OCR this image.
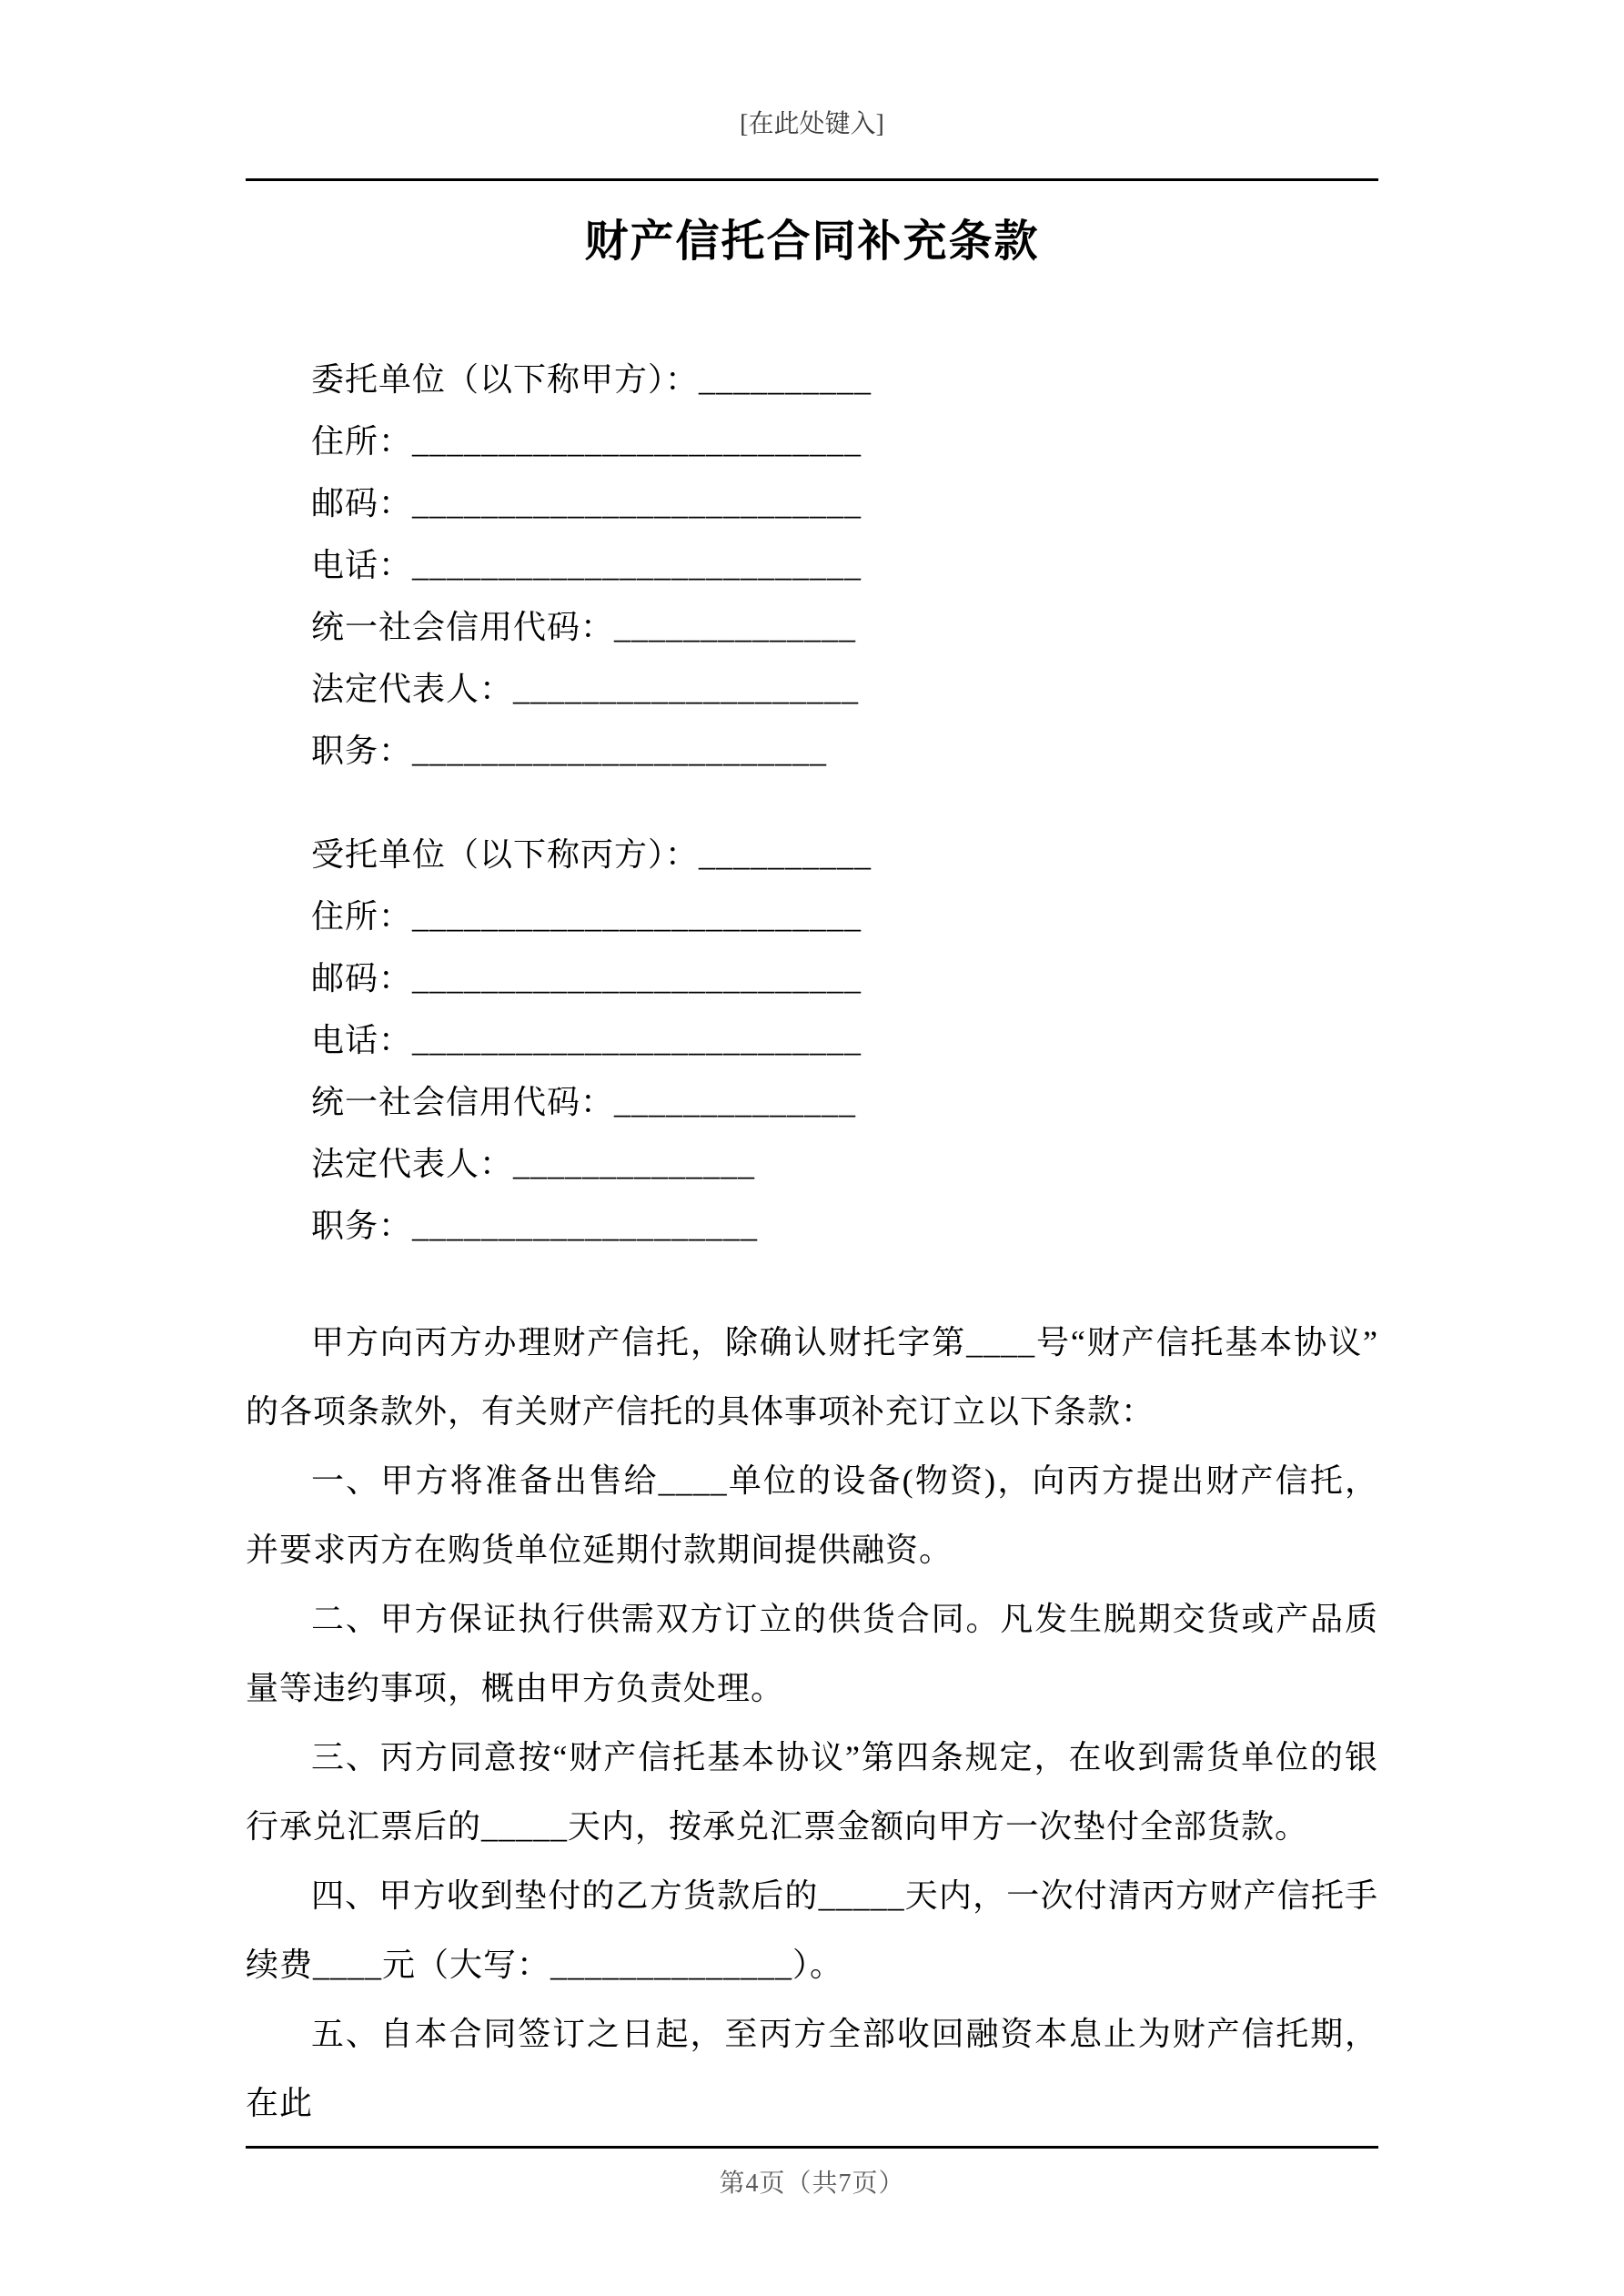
[在此处键入]
财产信托合同补充条款
委托单位（以下称甲方）：__________
住所：__________________________
邮码：__________________________
电话：__________________________
统一社会信用代码：______________
法定代表人：____________________
职务：________________________
受托单位（以下称丙方）：__________
住所：__________________________
邮码：__________________________
电话：__________________________
统一社会信用代码：______________
法定代表人：______________
职务：____________________

甲方向丙方办理财产信托，除确认财托字第____号“财产信托基本协议”的各项条款外，有关财产信托的具体事项补充订立以下条款：

一、甲方将准备出售给____单位的设备(物资)，向丙方提出财产信托，并要求丙方在购货单位延期付款期间提供融资。

二、甲方保证执行供需双方订立的供货合同。凡发生脱期交货或产品质量等违约事项，概由甲方负责处理。

三、丙方同意按“财产信托基本协议”第四条规定，在收到需货单位的银行承兑汇票后的_____天内，按承兑汇票金额向甲方一次垫付全部货款。

四、甲方收到垫付的乙方货款后的_____天内，一次付清丙方财产信托手续费____元（大写：______________）。

五、自本合同签订之日起，至丙方全部收回融资本息止为财产信托期，在此

第4页（共7页）
